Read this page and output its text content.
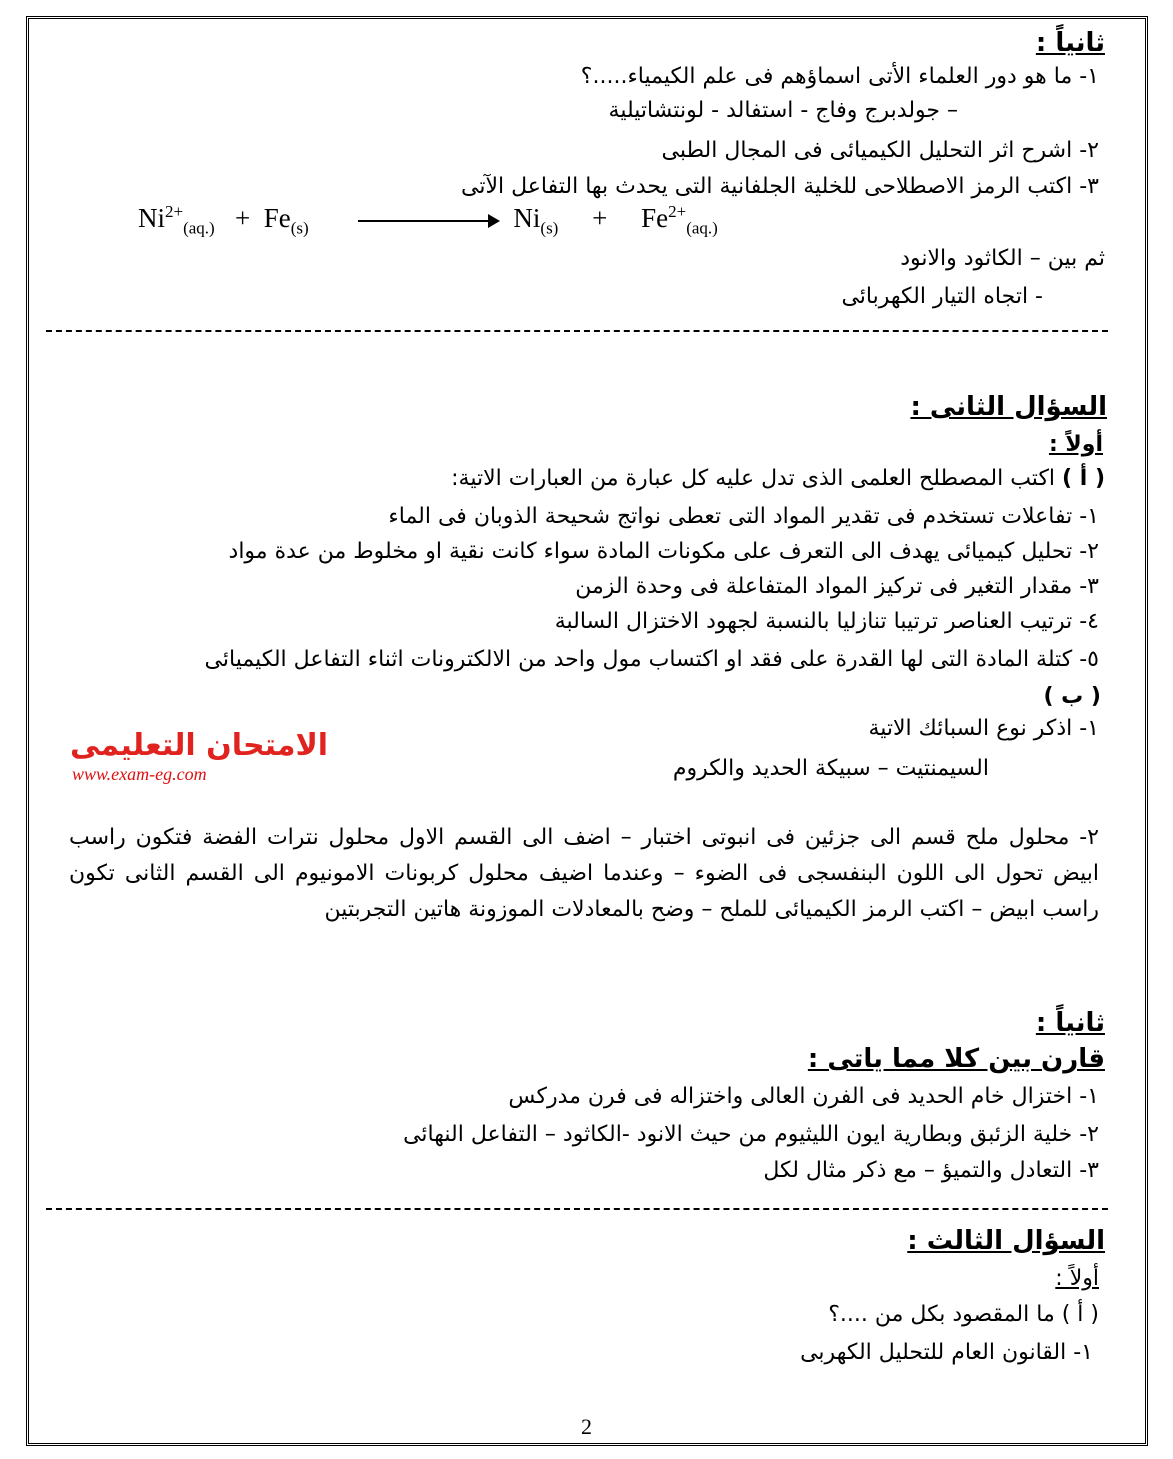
ثانياً :
١- ما هو دور العلماء الأتى اسماؤهم فى علم الكيمياء.....؟
– جولدبرج وفاج - استفالد - لونتشاتيلية
٢- اشرح اثر التحليل الكيميائى فى المجال الطبى
٣- اكتب الرمز الاصطلاحى للخلية الجلفانية التى يحدث بها التفاعل الآتى
$Ni^{2+}_{(aq.)} + Fe_{(s)}$	$Ni_{(s)} + Fe^{2+}_{(aq.)}$
ثم بين – الكاثود والانود
- اتجاه التيار الكهربائى
السؤال الثانى :
أولاً :
( أ ) اكتب المصطلح العلمى الذى تدل عليه كل عبارة من العبارات الاتية:
١- تفاعلات تستخدم فى تقدير المواد التى تعطى نواتج شحيحة الذوبان فى الماء
٢- تحليل كيميائى يهدف الى التعرف على مكونات المادة سواء كانت نقية او مخلوط من عدة مواد
٣- مقدار التغير فى تركيز المواد المتفاعلة فى وحدة الزمن
٤- ترتيب العناصر ترتيبا تنازليا بالنسبة لجهود الاختزال السالبة
٥- كتلة المادة التى لها القدرة على فقد او اكتساب مول واحد من الالكترونات اثناء التفاعل الكيميائى
( ب )
١- اذكر نوع السبائك الاتية
السيمنتيت – سبيكة الحديد والكروم
الامتحان التعليمى
www.exam-eg.com
٢- محلول ملح قسم الى جزئين فى انبوتى اختبار – اضف الى القسم الاول محلول نترات الفضة فتكون راسب ابيض تحول الى اللون البنفسجى فى الضوء – وعندما اضيف محلول كربونات الامونيوم الى القسم الثانى تكون راسب ابيض – اكتب الرمز الكيميائى للملح – وضح بالمعادلات الموزونة هاتين التجربتين
ثانياً :
قارن بين كلا مما ياتى :
١- اختزال خام الحديد فى الفرن العالى واختزاله فى فرن مدركس
٢- خلية الزئبق وبطارية ايون الليثيوم من حيث الانود -الكاثود – التفاعل النهائى
٣- التعادل والتميؤ – مع ذكر مثال لكل
السؤال الثالث :
أولاً :
( أ ) ما المقصود بكل من ....؟
١- القانون العام للتحليل الكهربى
2
